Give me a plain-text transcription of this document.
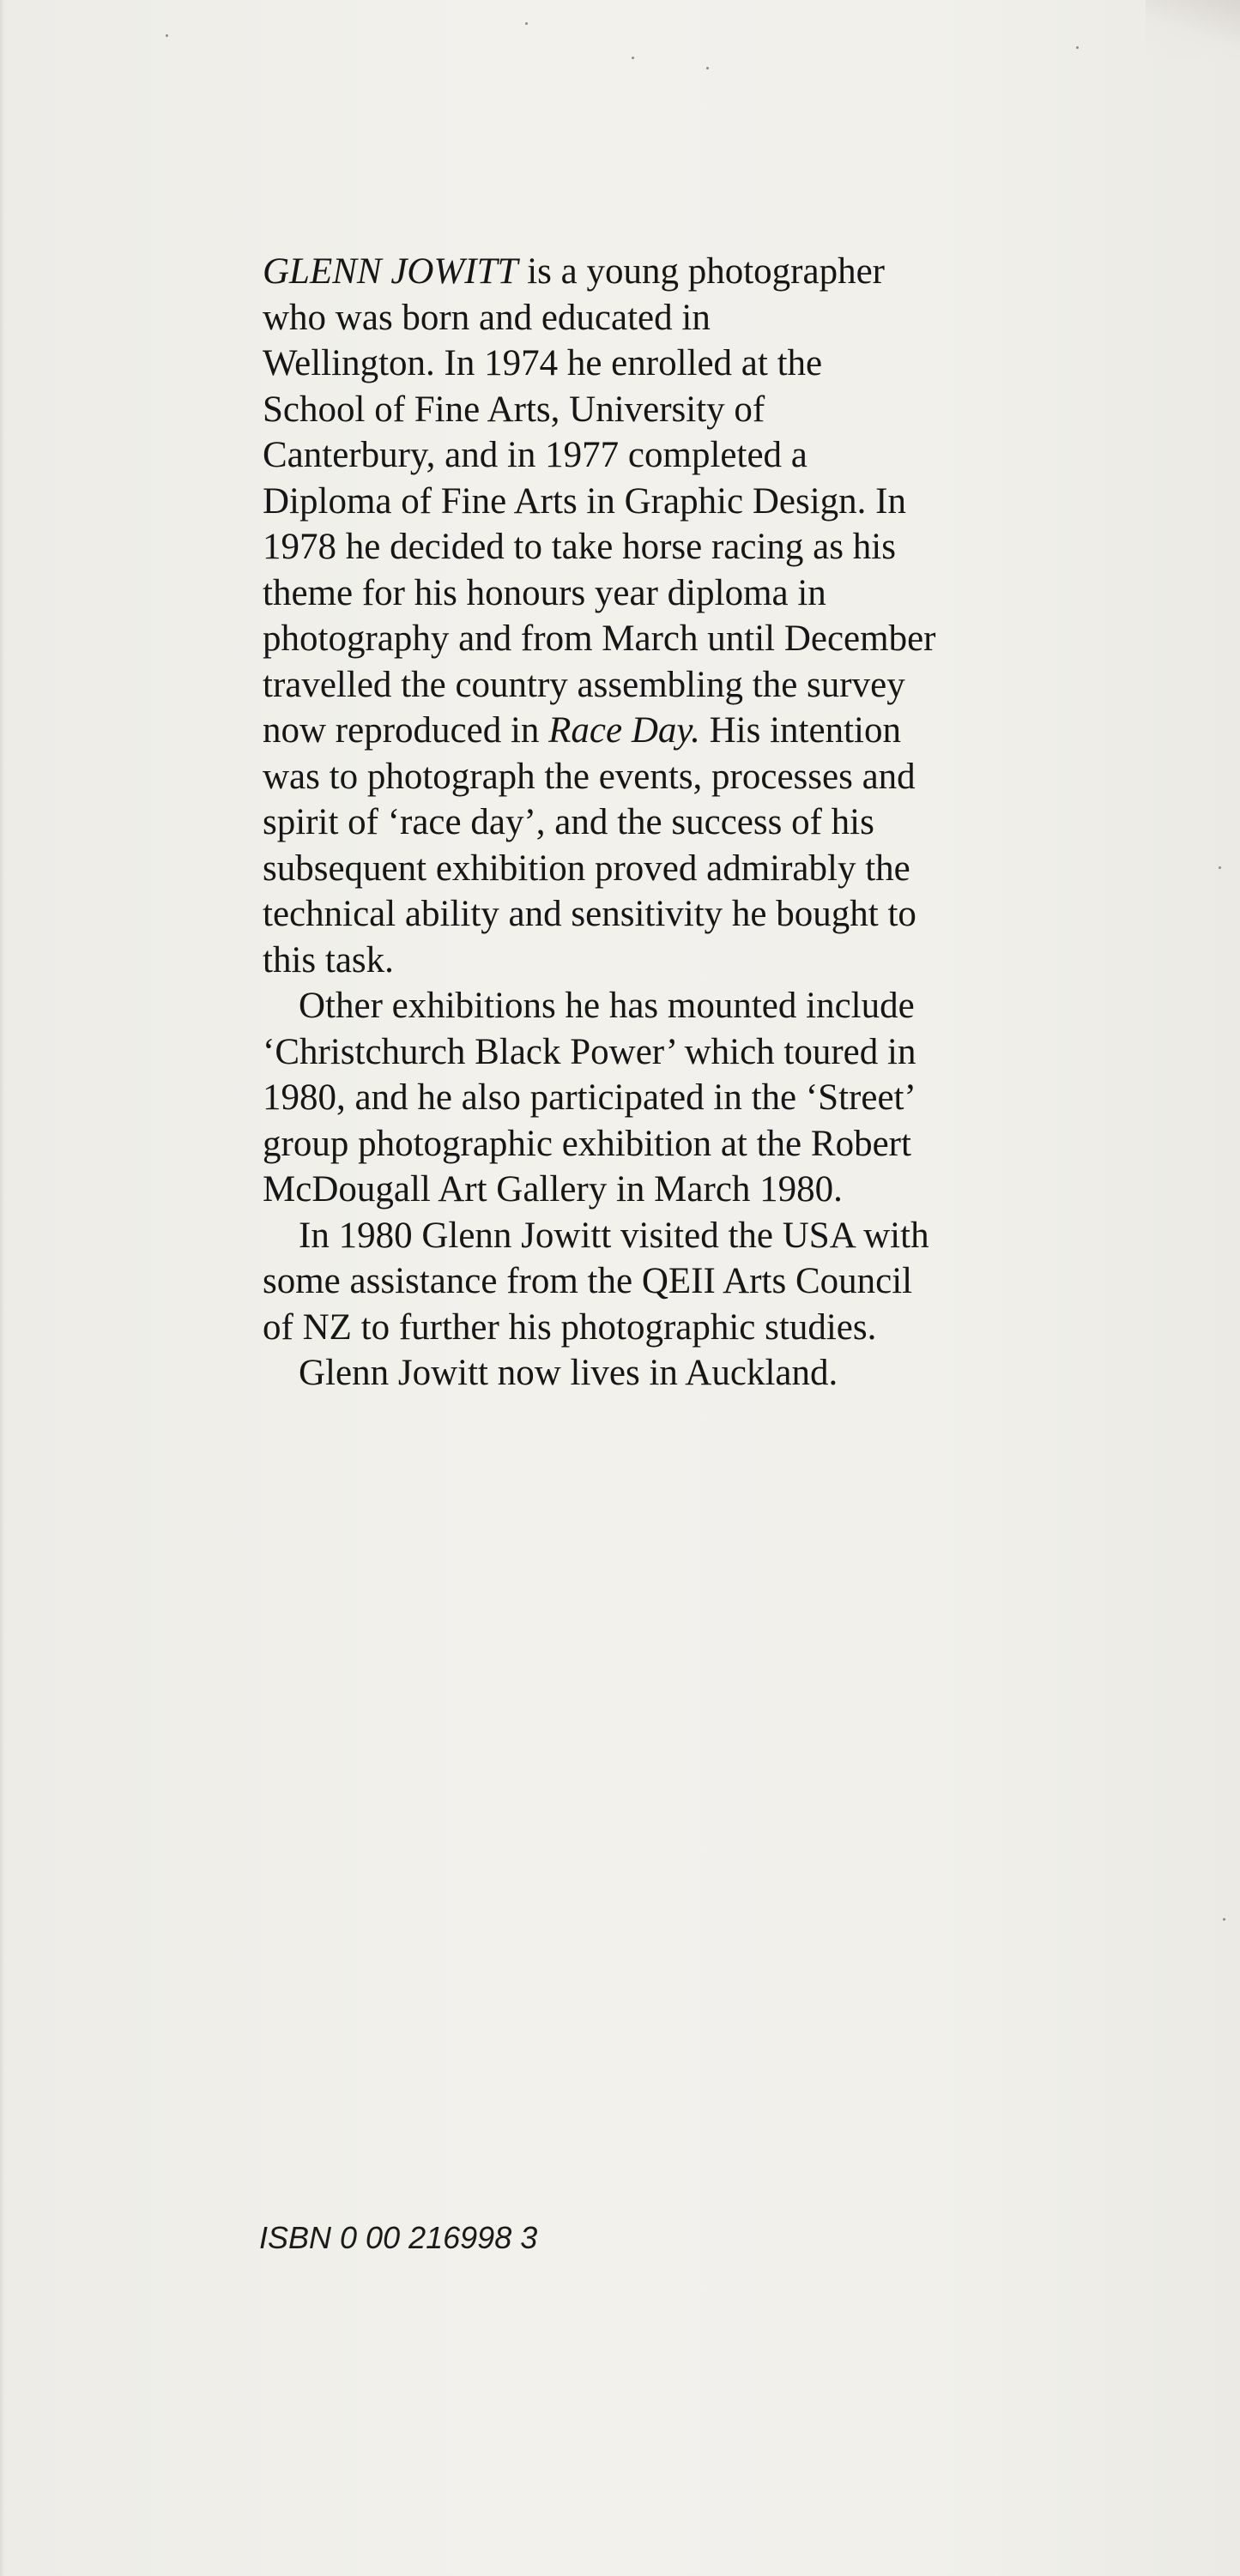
GLENN JOWITT is a young photographer
who was born and educated in
Wellington. In 1974 he enrolled at the
School of Fine Arts, University of
Canterbury, and in 1977 completed a
Diploma of Fine Arts in Graphic Design. In
1978 he decided to take horse racing as his
theme for his honours year diploma in
photography and from March until December
travelled the country assembling the survey
now reproduced in Race Day. His intention
was to photograph the events, processes and
spirit of ‘race day’, and the success of his
subsequent exhibition proved admirably the
technical ability and sensitivity he bought to
this task.

Other exhibitions he has mounted include
‘Christchurch Black Power’ which toured in
1980, and he also participated in the ‘Street’
group photographic exhibition at the Robert
McDougall Art Gallery in March 1980.

In 1980 Glenn Jowitt visited the USA with
some assistance from the QEII Arts Council
of NZ to further his photographic studies.

Glenn Jowitt now lives in Auckland.

ISBN 0 00 216998 3
